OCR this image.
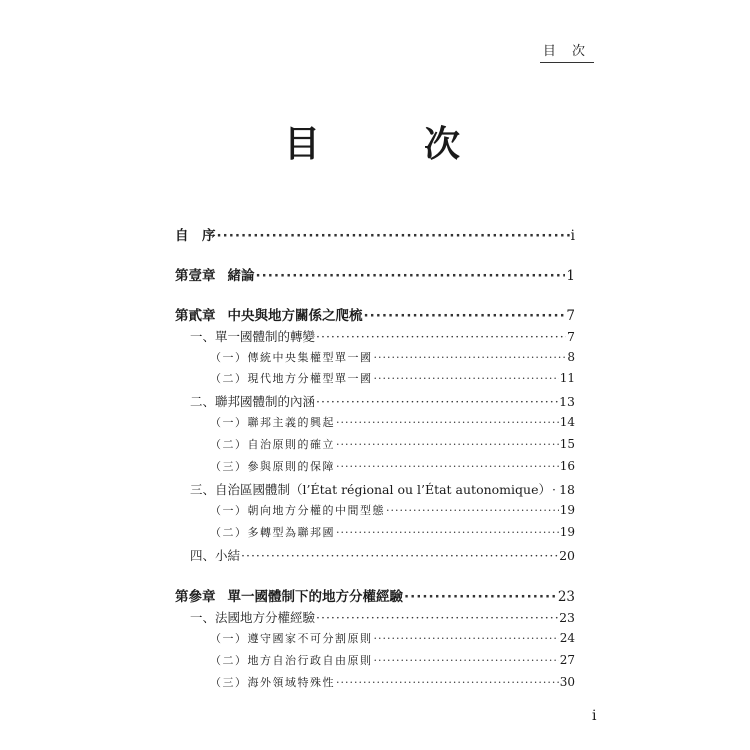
目 次
目　次
自　序 ·····	i
第壹章 緒論 ·····	1
第貳章 中央與地方關係之爬梳 ·····	7
一、單一國體制的轉變 ·····	7
（一）傳統中央集權型單一國 ·····	8
（二）現代地方分權型單一國 ·····	11
二、聯邦國體制的內涵 ·····	13
（一）聯邦主義的興起 ·····	14
（二）自治原則的確立 ·····	15
（三）參與原則的保障 ·····	16
三、自治區國體制（l’État régional ou l’État autonomique） ····· 18
（一）朝向地方分權的中間型態 ·····	19
（二）多轉型為聯邦國 ·····	19
四、小結 ·····	20
第參章 單一國體制下的地方分權經驗 ·····	23
一、法國地方分權經驗 ·····	23
（一）遵守國家不可分割原則 ·····	24
（二）地方自治行政自由原則 ·····	27
（三）海外領域特殊性 ·····	30
i
